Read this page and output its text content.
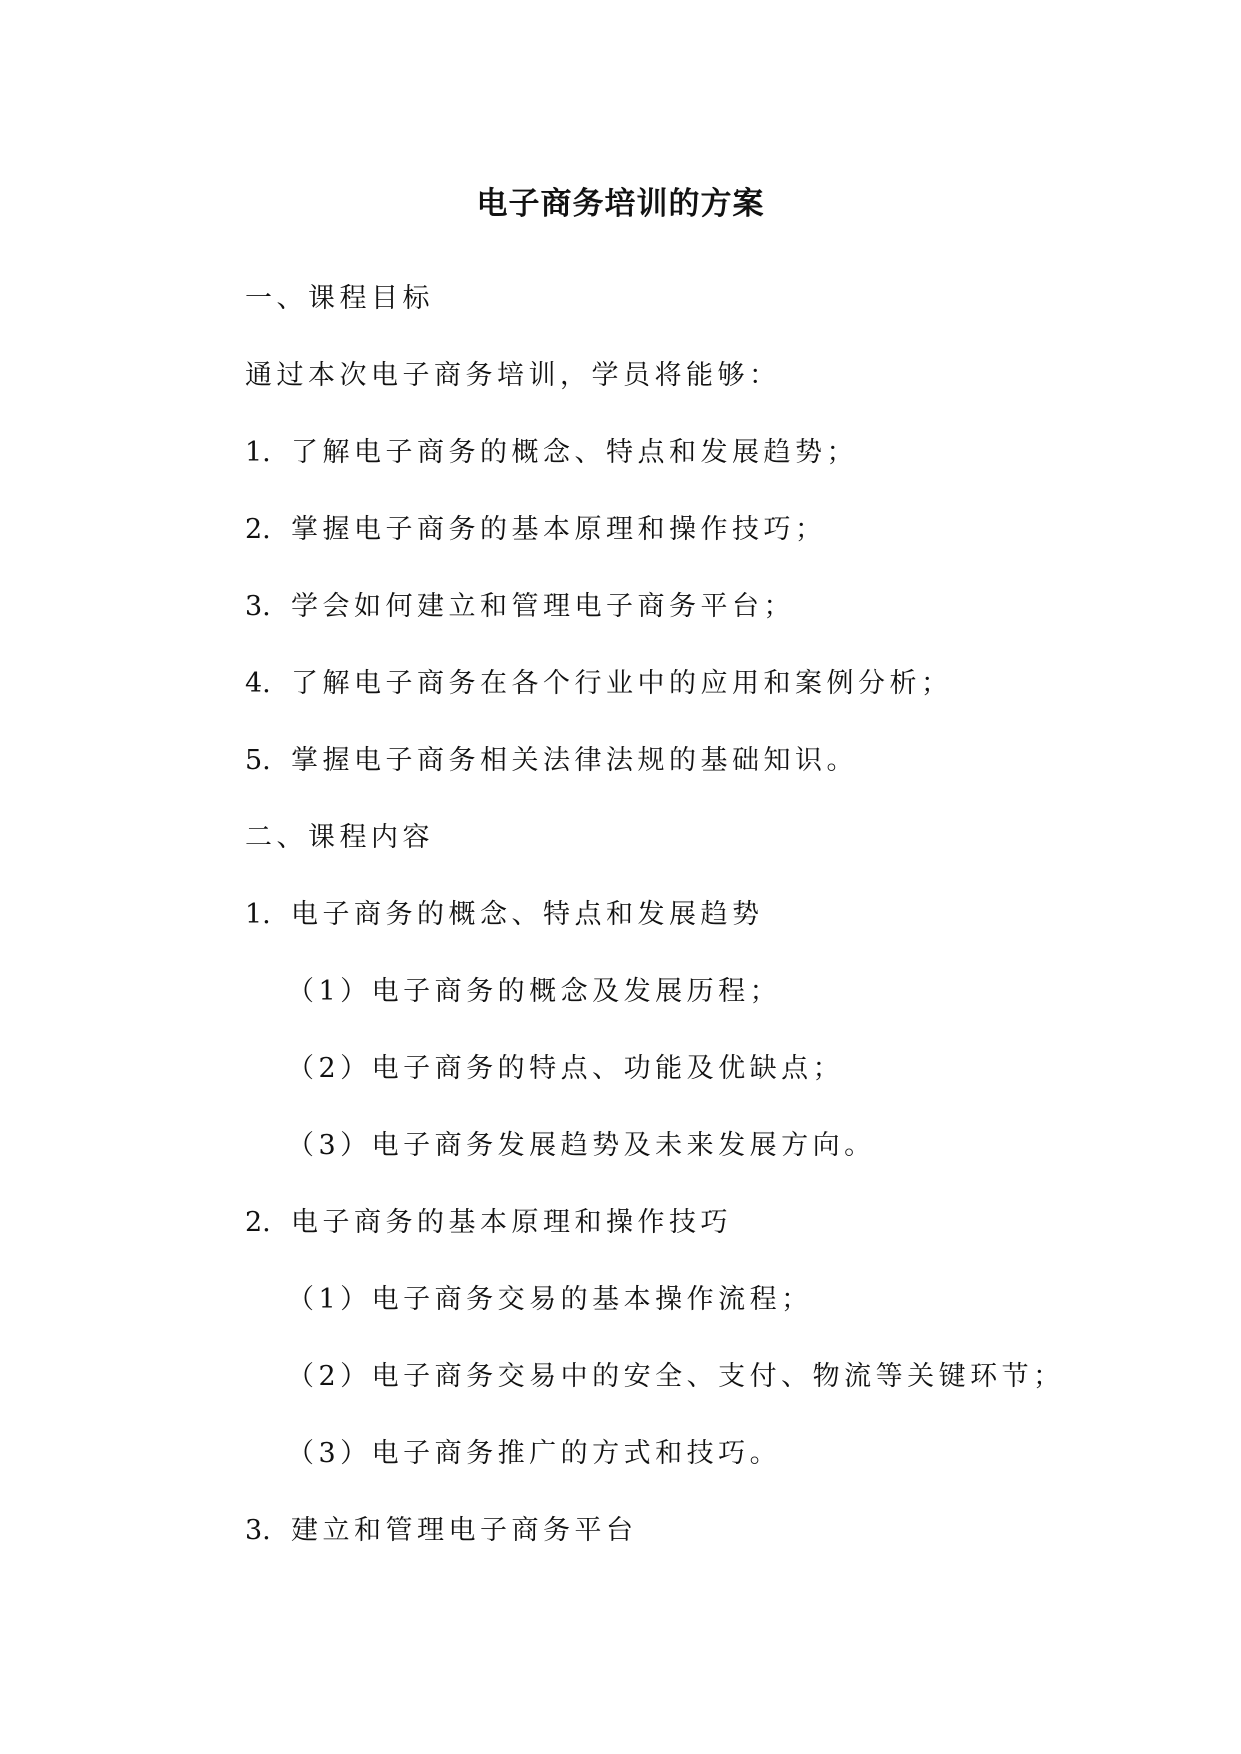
电子商务培训的方案
一、课程目标
通过本次电子商务培训，学员将能够：
1. 了解电子商务的概念、特点和发展趋势；
2. 掌握电子商务的基本原理和操作技巧；
3. 学会如何建立和管理电子商务平台；
4. 了解电子商务在各个行业中的应用和案例分析；
5. 掌握电子商务相关法律法规的基础知识。
二、课程内容
1. 电子商务的概念、特点和发展趋势
（1）电子商务的概念及发展历程；
（2）电子商务的特点、功能及优缺点；
（3）电子商务发展趋势及未来发展方向。
2. 电子商务的基本原理和操作技巧
（1）电子商务交易的基本操作流程；
（2）电子商务交易中的安全、支付、物流等关键环节；
（3）电子商务推广的方式和技巧。
3. 建立和管理电子商务平台
